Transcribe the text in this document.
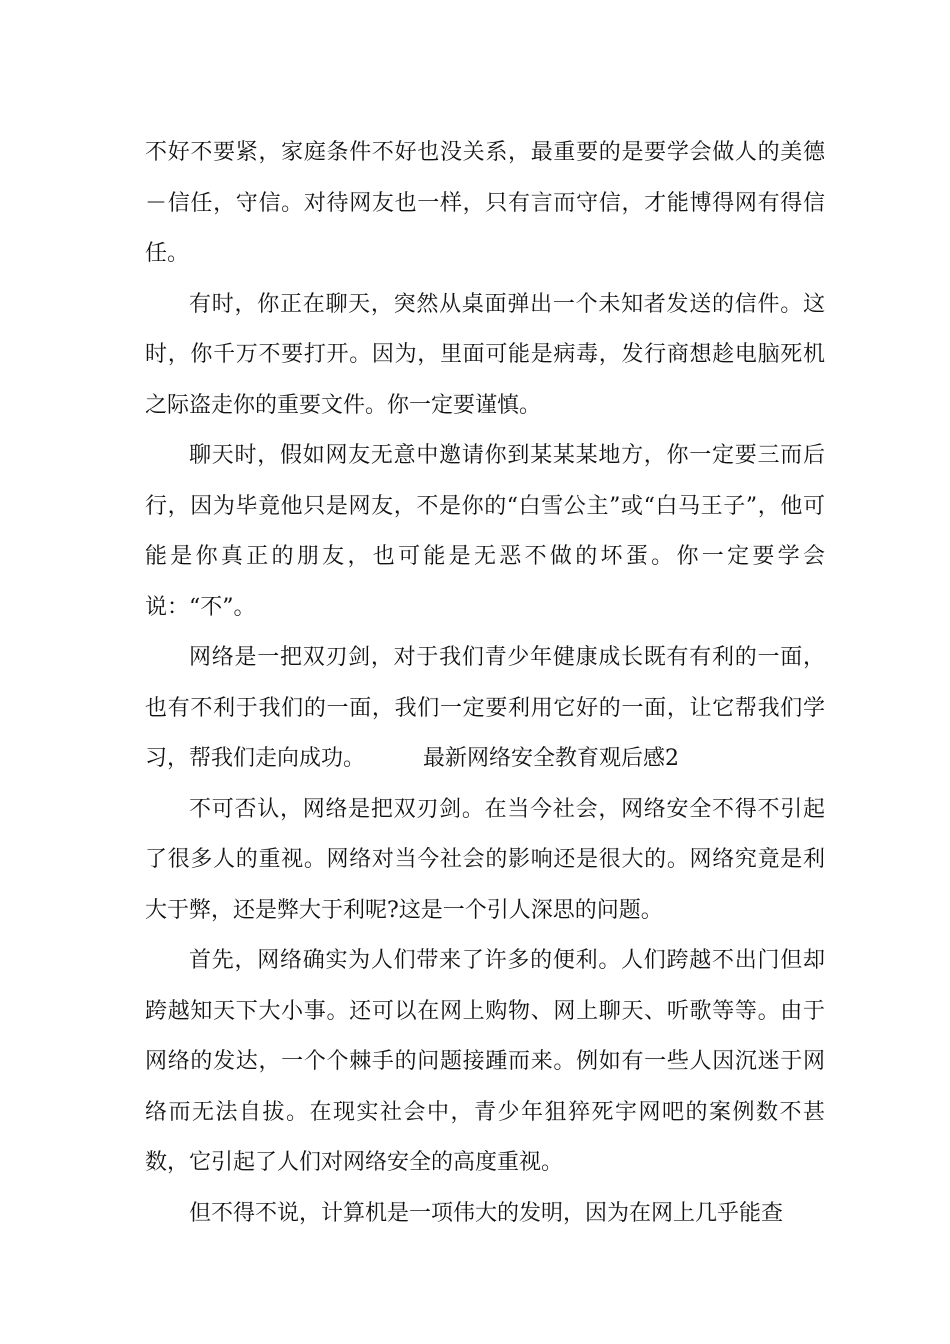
不好不要紧，家庭条件不好也没关系，最重要的是要学会做人的美德－信任，守信。对待网友也一样，只有言而守信，才能博得网有得信任。

有时，你正在聊天，突然从桌面弹出一个未知者发送的信件。这时，你千万不要打开。因为，里面可能是病毒，发行商想趁电脑死机之际盗走你的重要文件。你一定要谨慎。

聊天时，假如网友无意中邀请你到某某某地方，你一定要三而后行，因为毕竟他只是网友，不是你的“白雪公主”或“白马王子”，他可能是你真正的朋友，也可能是无恶不做的坏蛋。你一定要学会说：“不”。

网络是一把双刃剑，对于我们青少年健康成长既有有利的一面，也有不利于我们的一面，我们一定要利用它好的一面，让它帮我们学习，帮我们走向成功。	最新网络安全教育观后感2

不可否认，网络是把双刃剑。在当今社会，网络安全不得不引起了很多人的重视。网络对当今社会的影响还是很大的。网络究竟是利大于弊，还是弊大于利呢?这是一个引人深思的问题。

首先，网络确实为人们带来了许多的便利。人们跨越不出门但却跨越知天下大小事。还可以在网上购物、网上聊天、听歌等等。由于网络的发达，一个个棘手的问题接踵而来。例如有一些人因沉迷于网络而无法自拔。在现实社会中，青少年狙猝死宇网吧的案例数不甚数，它引起了人们对网络安全的高度重视。

但不得不说，计算机是一项伟大的发明，因为在网上几乎能查
